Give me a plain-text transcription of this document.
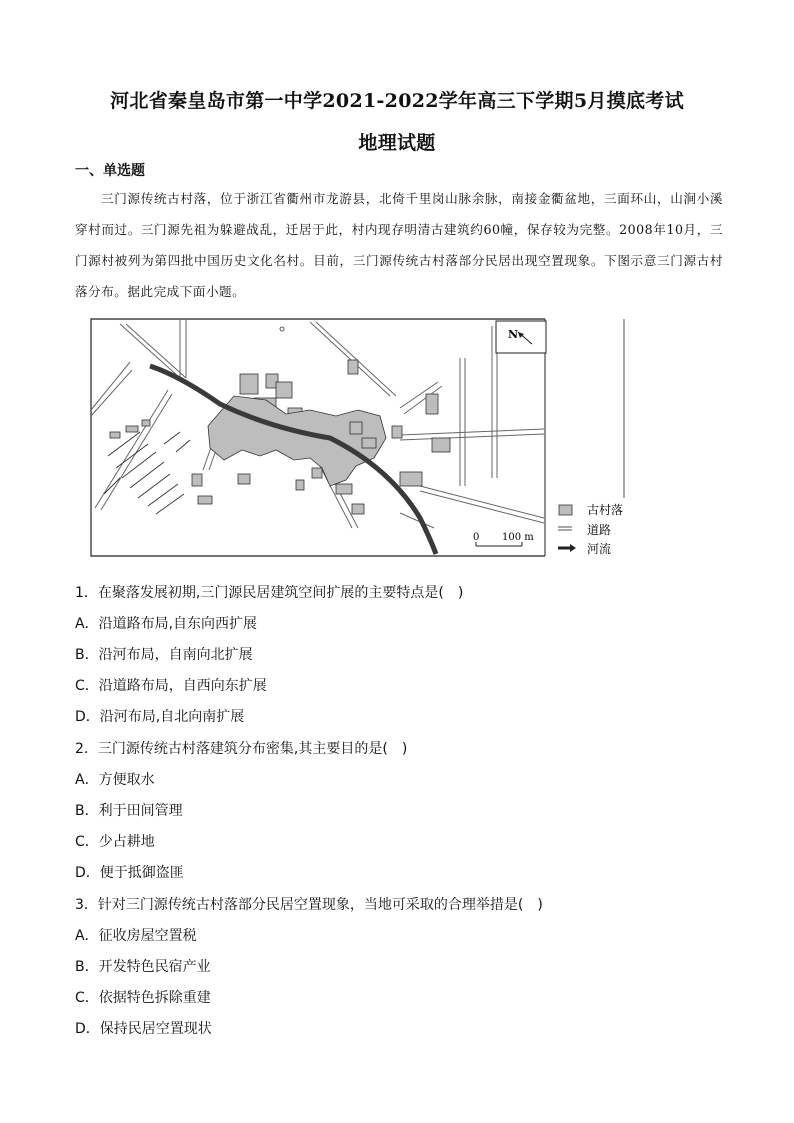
河北省秦皇岛市第一中学2021-2022学年高三下学期5月摸底考试
地理试题
一、单选题
三门源传统古村落，位于浙江省衢州市龙游县，北倚千里岗山脉余脉，南接金衢盆地，三面环山，山涧小溪穿村而过。三门源先祖为躲避战乱，迁居于此，村内现存明清古建筑约60幢，保存较为完整。2008年10月，三门源村被列为第四批中国历史文化名村。目前，三门源传统古村落部分民居出现空置现象。下图示意三门源古村落分布。据此完成下面小题。
N
0 100 m
古村落
道路
河流
1．在聚落发展初期,三门源民居建筑空间扩展的主要特点是(　)
A．沿道路布局,自东向西扩展
B．沿河布局，自南向北扩展
C．沿道路布局，自西向东扩展
D．沿河布局,自北向南扩展
2．三门源传统古村落建筑分布密集,其主要目的是(　)
A．方便取水
B．利于田间管理
C．少占耕地
D．便于抵御盗匪
3．针对三门源传统古村落部分民居空置现象，当地可采取的合理举措是(　)
A．征收房屋空置税
B．开发特色民宿产业
C．依据特色拆除重建
D．保持民居空置现状
